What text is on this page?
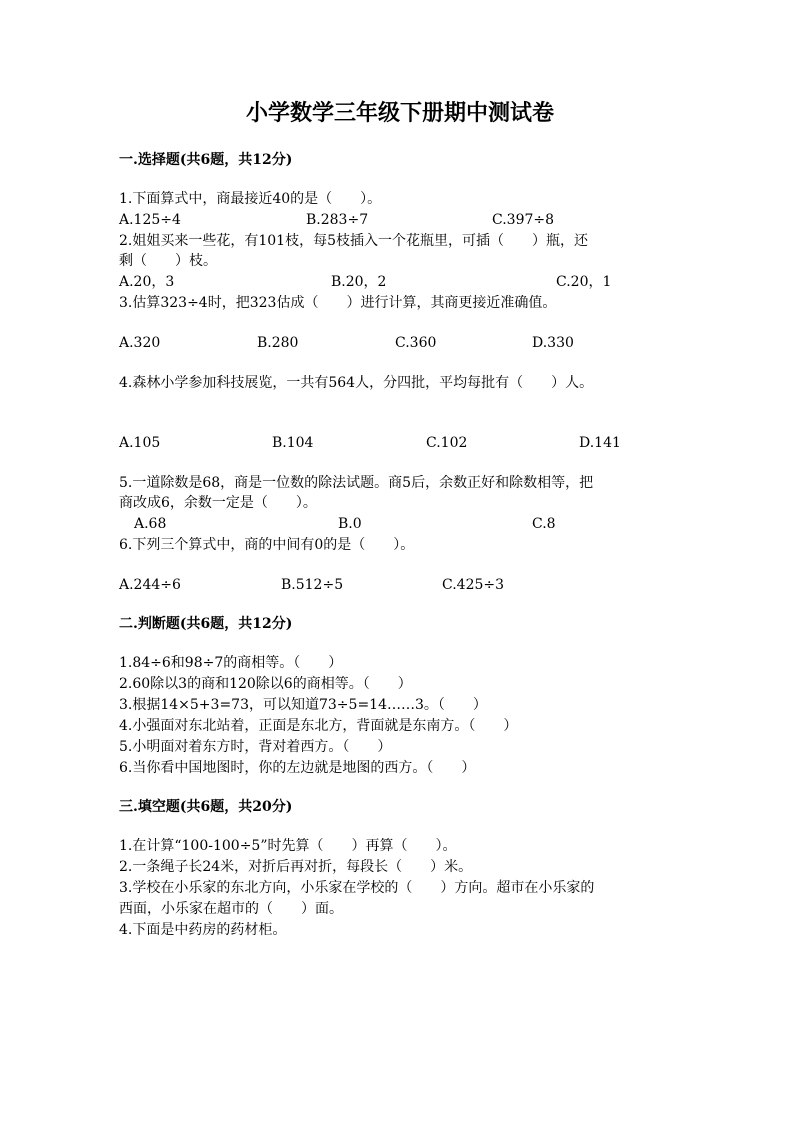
小学数学三年级下册期中测试卷
一.选择题(共6题，共12分)
1.下面算式中，商最接近40的是（　　）。
A.125÷4	B.283÷7	C.397÷8
2.姐姐买来一些花，有101枝，每5枝插入一个花瓶里，可插（　　）瓶，还
剩（　　）枝。
A.20，3	B.20，2	C.20，1
3.估算323÷4时，把323估成（　　）进行计算，其商更接近准确值。
A.320	B.280	C.360	D.330
4.森林小学参加科技展览，一共有564人，分四批，平均每批有（　　）人。
A.105	B.104	C.102	D.141
5.一道除数是68，商是一位数的除法试题。商5后，余数正好和除数相等，把
商改成6，余数一定是（　　）。
A.68	B.0	C.8
6.下列三个算式中，商的中间有0的是（　　）。
A.244÷6	B.512÷5	C.425÷3
二.判断题(共6题，共12分)
1.84÷6和98÷7的商相等。（　　）
2.60除以3的商和120除以6的商相等。（　　）
3.根据14×5+3=73，可以知道73÷5=14……3。（　　）
4.小强面对东北站着，正面是东北方，背面就是东南方。（　　）
5.小明面对着东方时，背对着西方。（　　）
6.当你看中国地图时，你的左边就是地图的西方。（　　）
三.填空题(共6题，共20分)
1.在计算“100-100÷5”时先算（　　）再算（　　）。
2.一条绳子长24米，对折后再对折，每段长（　　）米。
3.学校在小乐家的东北方向，小乐家在学校的（　　）方向。超市在小乐家的
西面，小乐家在超市的（　　）面。
4.下面是中药房的药材柜。
